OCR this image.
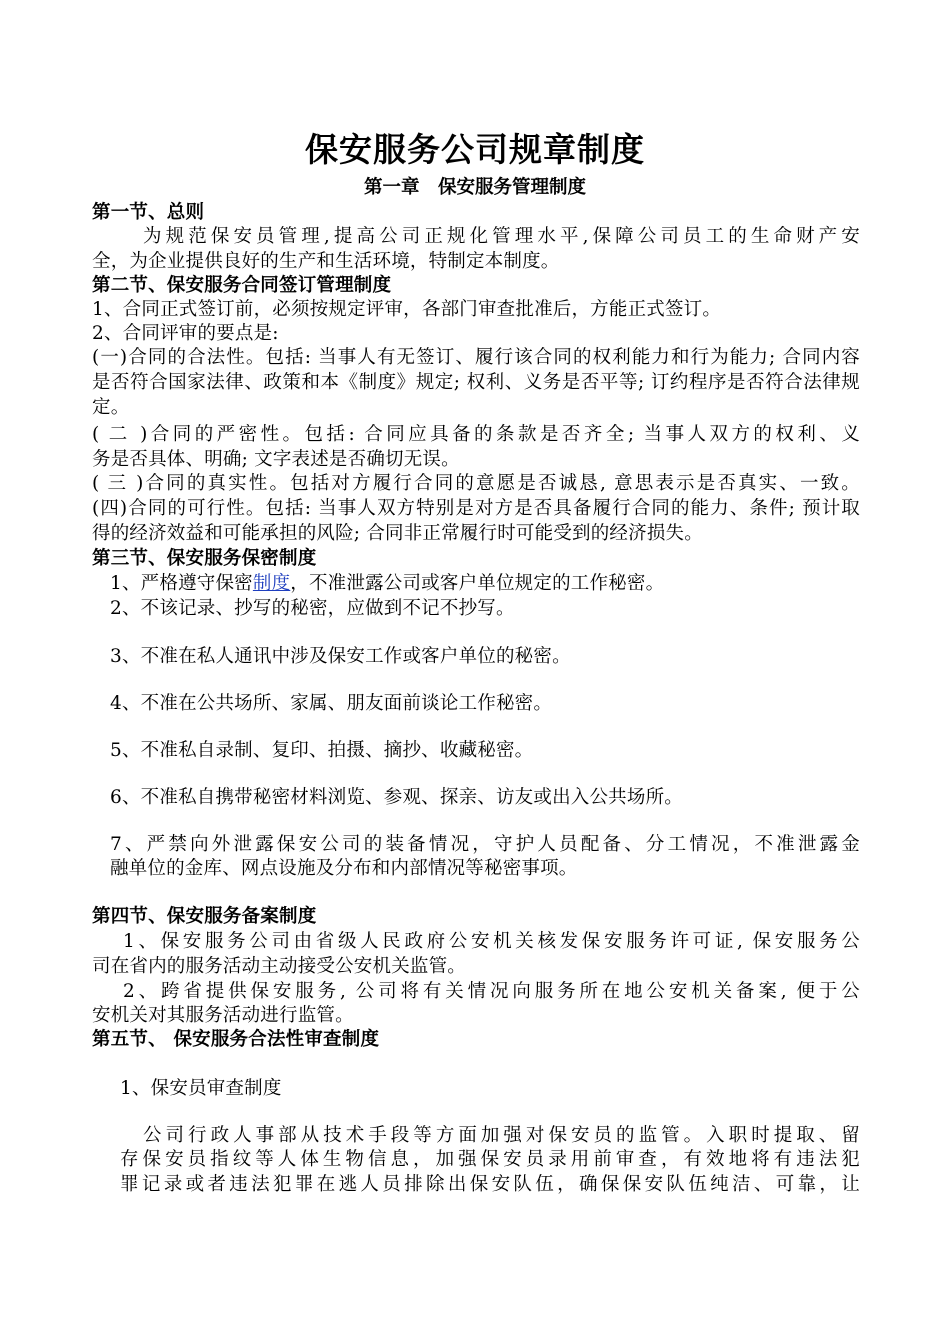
保安服务公司规章制度
第一章　保安服务管理制度
第一节、总则
为规范保安员管理,提高公司正规化管理水平,保障公司员工的生命财产安
全，为企业提供良好的生产和生活环境，特制定本制度。
第二节、保安服务合同签订管理制度
1、合同正式签订前，必须按规定评审，各部门审查批准后，方能正式签订。
2、合同评审的要点是:
(一)合同的合法性。包括: 当事人有无签订、履行该合同的权利能力和行为能力; 合同内容
是否符合国家法律、政策和本《制度》规定; 权利、义务是否平等; 订约程序是否符合法律规
定。
( 二 )合同的严密性。包括: 合同应具备的条款是否齐全; 当事人双方的权利、义
务是否具体、明确; 文字表述是否确切无误。
( 三 )合同的真实性。包括对方履行合同的意愿是否诚恳, 意思表示是否真实、一致。
(四)合同的可行性。包括: 当事人双方特别是对方是否具备履行合同的能力、条件; 预计取
得的经济效益和可能承担的风险; 合同非正常履行时可能受到的经济损失。
第三节、保安服务保密制度
1、严格遵守保密制度，不准泄露公司或客户单位规定的工作秘密。
2、不该记录、抄写的秘密，应做到不记不抄写。
3、不准在私人通讯中涉及保安工作或客户单位的秘密。
4、不准在公共场所、家属、朋友面前谈论工作秘密。
5、不准私自录制、复印、拍摄、摘抄、收藏秘密。
6、不准私自携带秘密材料浏览、参观、探亲、访友或出入公共场所。
7、严禁向外泄露保安公司的装备情况，守护人员配备、分工情况，不准泄露金
融单位的金库、网点设施及分布和内部情况等秘密事项。
第四节、保安服务备案制度
1、保安服务公司由省级人民政府公安机关核发保安服务许可证, 保安服务公
司在省内的服务活动主动接受公安机关监管。
2、跨省提供保安服务, 公司将有关情况向服务所在地公安机关备案, 便于公
安机关对其服务活动进行监管。
第五节、 保安服务合法性审查制度
1、保安员审查制度
公司行政人事部从技术手段等方面加强对保安员的监管。入职时提取、留
存保安员指纹等人体生物信息，加强保安员录用前审查，有效地将有违法犯
罪记录或者违法犯罪在逃人员排除出保安队伍，确保保安队伍纯洁、可靠，让
